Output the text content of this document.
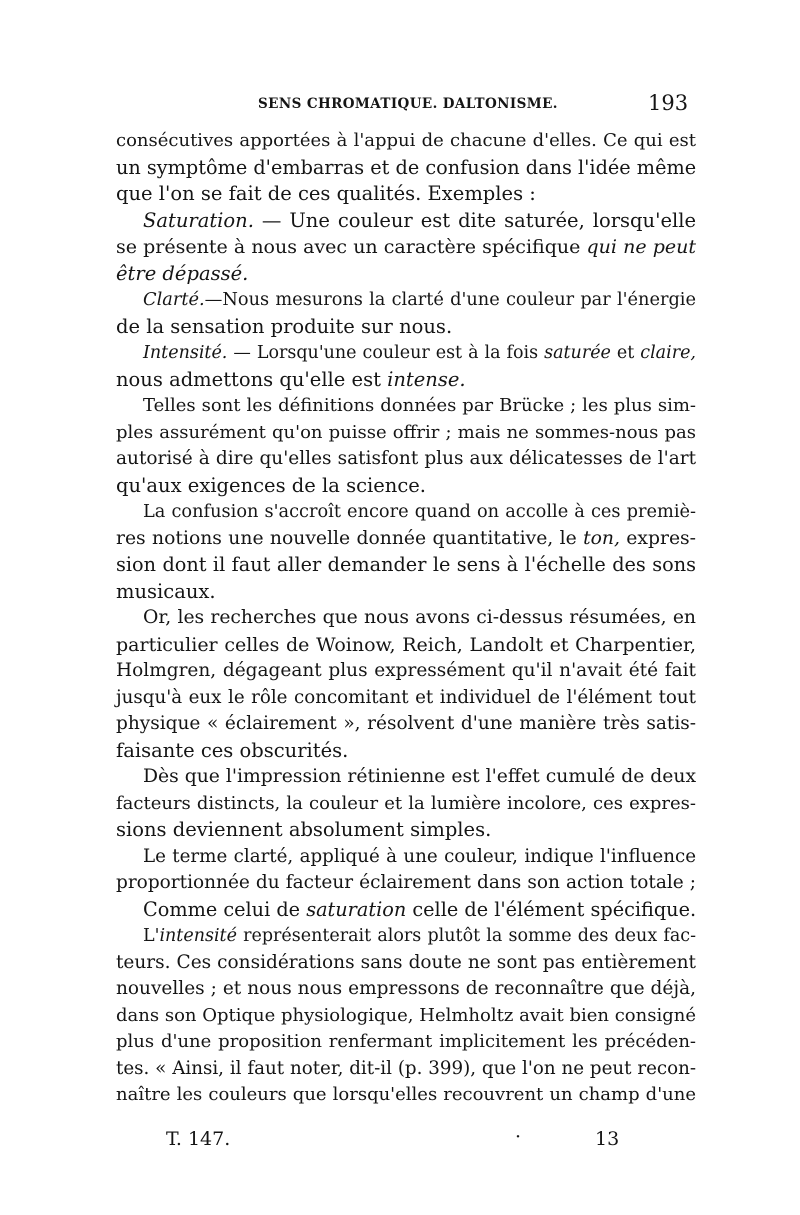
SENS CHROMATIQUE. DALTONISME.	193
consécutives apportées à l'appui de chacune d'elles. Ce qui est
un symptôme d'embarras et de confusion dans l'idée même
que l'on se fait de ces qualités. Exemples :
Saturation. — Une couleur est dite saturée, lorsqu'elle
se présente à nous avec un caractère spécifique qui ne peut
être dépassé.
Clarté.—Nous mesurons la clarté d'une couleur par l'énergie
de la sensation produite sur nous.
Intensité. — Lorsqu'une couleur est à la fois saturée et claire,
nous admettons qu'elle est intense.
Telles sont les définitions données par Brücke ; les plus sim-
ples assurément qu'on puisse offrir ; mais ne sommes-nous pas
autorisé à dire qu'elles satisfont plus aux délicatesses de l'art
qu'aux exigences de la science.
La confusion s'accroît encore quand on accolle à ces premiè-
res notions une nouvelle donnée quantitative, le ton, expres-
sion dont il faut aller demander le sens à l'échelle des sons
musicaux.
Or, les recherches que nous avons ci-dessus résumées, en
particulier celles de Woinow, Reich, Landolt et Charpentier,
Holmgren, dégageant plus expressément qu'il n'avait été fait
jusqu'à eux le rôle concomitant et individuel de l'élément tout
physique « éclairement », résolvent d'une manière très satis-
faisante ces obscurités.
Dès que l'impression rétinienne est l'effet cumulé de deux
facteurs distincts, la couleur et la lumière incolore, ces expres-
sions deviennent absolument simples.
Le terme clarté, appliqué à une couleur, indique l'influence
proportionnée du facteur éclairement dans son action totale ;
Comme celui de saturation celle de l'élément spécifique.
L'intensité représenterait alors plutôt la somme des deux fac-
teurs. Ces considérations sans doute ne sont pas entièrement
nouvelles ; et nous nous empressons de reconnaître que déjà,
dans son Optique physiologique, Helmholtz avait bien consigné
plus d'une proposition renfermant implicitement les précéden-
tes. « Ainsi, il faut noter, dit-il (p. 399), que l'on ne peut recon-
naître les couleurs que lorsqu'elles recouvrent un champ d'une
T. 147.	·	13
